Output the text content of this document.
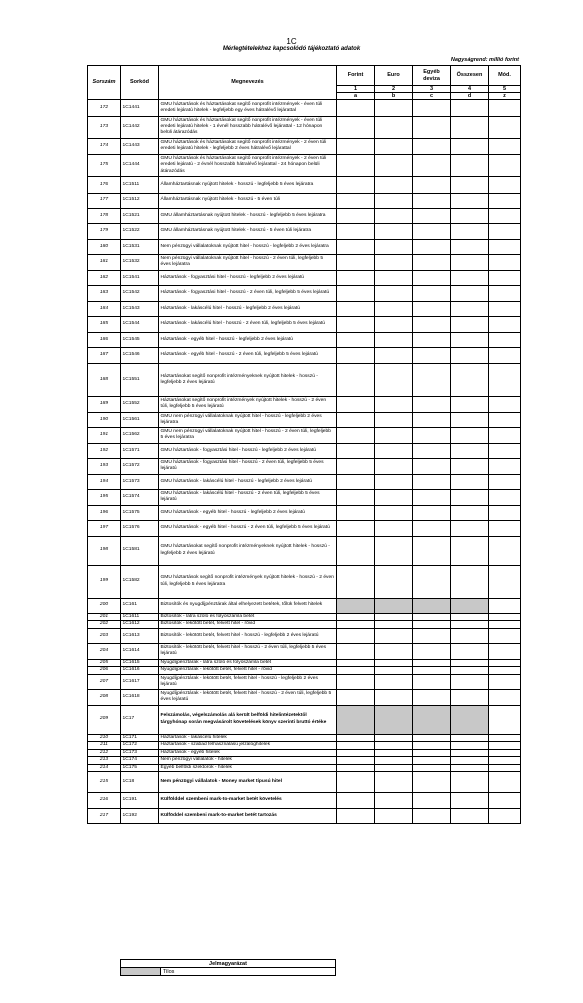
1C
Mérlegtételekhez kapcsolódó tájékoztató adatok
Nagyságrend: millió forint
Sorszám	Sorkód	Megnevezés	Forint	Euro	Egyéb deviza	Összesen	Mód.
			1	2	3	4	5
			a	b	c	d	z
172	1C1441	GMU háztartások és háztartásokat segítő nonprofit intézmények - éven túli eredeti lejáratú hitelek - legfeljebb egy éves hátralévő lejárattal					
173	1C1442	GMU háztartások és háztartásokat segítő nonprofit intézmények - éven túli eredeti lejáratú hitelek - 1 évnél hosszabb hátralévő lejárattal - 12 hónapon belüli átárazódás					
174	1C1443	GMU háztartások és háztartásokat segítő nonprofit intézmények - 2 éven túli eredeti lejáratú hitelek - legfeljebb 2 éves hátralévő lejárattal					
175	1C1444	GMU háztartások és háztartásokat segítő nonprofit intézmények - 2 éven túli eredeti lejáratú - 2 évnél hosszabb hátralévő lejárattal - 24 hónapon belüli átárazódás					
176	1C1511	Államháztartásnak nyújtott hitelek - hosszú - legfeljebb 5 éves lejáratra					
177	1C1512	Államháztartásnak nyújtott hitelek - hosszú - 5 éven túli					
178	1C1521	GMU államháztartásnak nyújtott hitelek - hosszú - legfeljebb 5 éves lejáratra					
179	1C1522	GMU államháztartásnak nyújtott hitelek - hosszú - 5 éven túli lejáratra					
180	1C1531	Nem pénzügyi vállalatoknak nyújtott hitel - hosszú - legfeljebb 2 éves lejáratra					
181	1C1532	Nem pénzügyi vállalatoknak nyújtott hitel - hosszú - 2 éven túli, legfeljebb 5 éves lejáratra					
182	1C1541	Háztartások - fogyasztási hitel - hosszú - legfeljebb 2 éves lejáratú					
183	1C1542	Háztartások - fogyasztási hitel - hosszú - 2 éven túli, legfeljebb 5 éves lejáratú					
184	1C1543	Háztartások - lakáscélú hitel - hosszú - legfeljebb 2 éves lejáratú					
185	1C1544	Háztartások - lakáscélú hitel - hosszú - 2 éven túli, legfeljebb 5 éves lejáratú					
186	1C1545	Háztartások - egyéb hitel - hosszú - legfeljebb 2 éves lejáratú					
187	1C1546	Háztartások - egyéb hitel - hosszú - 2 éven túli, legfeljebb 5 éves lejáratú					
188	1C1551	Háztartásokat segítő nonprofit intézményeknek nyújtott hitelek - hosszú - legfeljebb 2 éves lejáratú					
189	1C1552	Háztartásokat segítő nonprofit intézmények nyújtott hitelek - hosszú - 2 éven túli, legfeljebb 5 éves lejáratú					
190	1C1561	GMU nem pénzügyi vállalatoknak nyújtott hitel - hosszú - legfeljebb 2 éves lejáratra					
191	1C1562	GMU nem pénzügyi vállalatoknak nyújtott hitel - hosszú - 2 éven túli, legfeljebb 5 éves lejáratra					
192	1C1571	GMU háztartások - fogyasztási hitel - hosszú - legfeljebb 2 éves lejáratú					
193	1C1572	GMU háztartások - fogyasztási hitel - hosszú - 2 éven túli, legfeljebb 5 éves lejáratú					
194	1C1573	GMU háztartások - lakáscélú hitel - hosszú - legfeljebb 2 éves lejáratú					
195	1C1574	GMU háztartások - lakáscélú hitel - hosszú - 2 éven túli, legfeljebb 5 éves lejáratú					
196	1C1575	GMU háztartások - egyéb hitel - hosszú - legfeljebb 2 éves lejáratú					
197	1C1576	GMU háztartások - egyéb hitel - hosszú - 2 éven túli, legfeljebb 5 éves lejáratú					
198	1C1581	GMU háztartásokat segítő nonprofit intézményeknek nyújtott hitelek - hosszú - legfeljebb 2 éves lejáratú					
199	1C1582	GMU háztartások segítő nonprofit intézmények nyújtott hitelek - hosszú - 2 éven túli, legfeljebb 5 éves lejáratra					
200	1C161	Biztosítók és nyugdíjpénztárak által elhelyezett betétek, tőlük felvett hitelek					
201	1C1611	Biztosítók - látra szóló és folyószámla betét					
202	1C1612	Biztosítók - lekötött betét, felvett hitel - rövid					
203	1C1613	Biztosítók - lekötött betét, felvett hitel - hosszú - legfeljebb 2 éves lejáratú					
204	1C1614	Biztosítók - lekötött betét, felvett hitel - hosszú - 2 éven túli, legfeljebb 5 éves lejáratú					
205	1C1615	Nyugdíjpénztárak - látra szóló és folyószámla betét					
206	1C1616	Nyugdíjpénztárak - lekötött betét, felvett hitel - rövid					
207	1C1617	Nyugdíjpénztárak - lekötött betét, felvett hitel - hosszú - legfeljebb 2 éves lejáratú					
208	1C1618	Nyugdíjpénztárak - lekötött betét, felvett hitel - hosszú - 2 éven túli, legfeljebb 5 éves lejáratú					
209	1C17	Felszámolás, végelszámolás alá került belföldi hitelintézetektől tárgyhónap során megvásárolt követelések könyv szerinti bruttó értéke					
210	1C171	Háztartások - lakáscélú hitelek					
211	1C172	Háztartások - szabad felhasználású jelzálóghitelek					
212	1C173	Háztartások - egyéb hitelek					
213	1C174	Nem pénzügyi vállalatok - hitelek					
214	1C175	Egyéb belföldi szektorok - hitelek					
215	1C18	Nem pénzügyi vállalatok - Money market típusú hitel					
216	1C191	Külfölddel szembeni mark-to-market betét követelés					
217	1C192	Külföddel szembeni mark-to-market betét tartozás					
Jelmagyarázat
	Tilos
